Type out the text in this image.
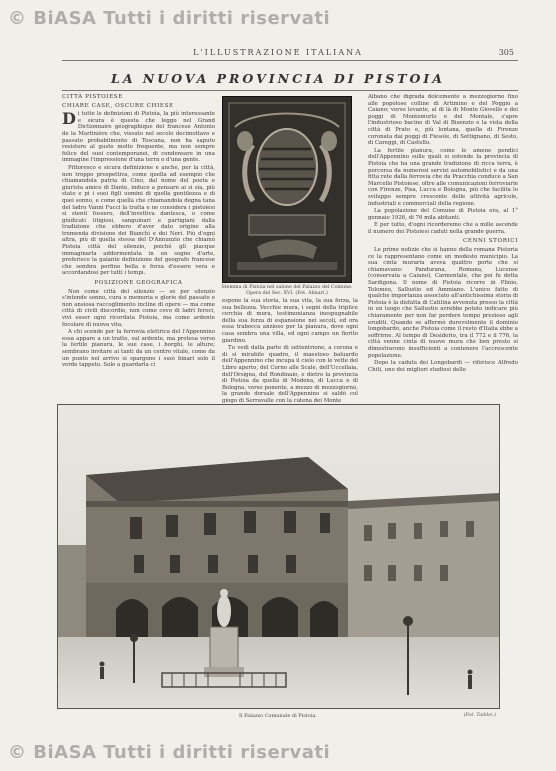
© BiASA Tutti i diritti riservati
L'ILLUSTRAZIONE ITALIANA	305
LA NUOVA PROVINCIA DI PISTOIA
CITTÀ PISTOIESE
CHIARE CASE, OSCURE CHIESE

Di tutte le definizioni di Pistoia, la più interessante e sicura è questa che leggo nel Grand Dictionnaire géographique del francese Antonio de la Martinière che, vissuto nel secolo decimottavo e passato probabilmente di Toscana, non ha saputo resistere al gusto molto frequente, ma non sempre felice del suoi contemporanei, di condensare in una immagine l'impressione d'una terra o d'una gente.

Pittoresco e sicura definizione e anche, per la città, non troppo prospettiva, come quella ad esempio che chiamandola patria di Cino, dal nome del poeta e giurista amico di Dante, induce a pensare ai si sia, più stato e pi i suoi figli uomini di quella gentilezza e di quei sonno, e come quella che chiamandola degna tana del ladro Vanni Fucci la tratta e ne considera i pistoiesi sì stenti fossero, dell'invettiva dantesca, o come giudicati litigiosi, sanguinari e partigiani dalla tradizione che ebbero d'aver dato origine alla tremenda divisione dei Bianchi e dei Neri. Più d'ogni altra, più di quella stessa del D'Annunzio che chiamò Pistoia città del silenzio, poiché gli piacque immaginarla addormentata in un sogno d'arte, preferisco la galante definizione del geografo francese che sembra perfino bella e forza d'essere vera e accordandosi per tutti i tempi.

POSIZIONE GEOGRAFICA

Non come città del silenzio — se per silenzio s'intende sonno, cura e memoria e glorie del passato e non ansiosa raccoglimento incline di opere — ma come città di civili discordie, non come covo di ladri feroci, vivi esser ogni ricordata Pistoia, ma come ardente focolare di nuova vita.

A chi scende per la ferrovia elettrica del l'Appennino essa appare a un tratto, sul ardente, ma protesa verso la fertile pianura, le sue case, i borghi, le alture; sembrano invitare ai tanti da un centro vitale, come da un punto nel arrivo si spargono i suoi binari solo il verde tappeto. Solo a guardarla ci

Stemma di Pistoia nel salone del Palazzo del Comune. Opera del Sec. XVI. (Fot. Alinari.)

espone la sua storia, la sua vita, la sua forza, la sua bellezza. Vecchie mura, i segni della triplice cerchia di mura, testimonianza inespugnabile della sua forza di espansione nei secoli, ed ora essa trabocca anzioso per la pianura, dove ogni casa sembra una villa, ed ogni campo un fiorito giardino.

Tu vedi dalla parte di settentrione, a corona e di si mirabile quadro, il maestoso baluardo dell'Appennino che incupa il cielo con le vette del Libro aperto, del Corno alle Scale, dell'Uccellaia, dell'Orsigna, del Rondinaio, e dietro la provincia di Pistoia da quella di Modena, di Lucca e di Bologna, verso ponente, a mezzo di mezzogiorno, la grande dorsale dell'Appennino si saldò col giogo di Serravalle con la catena dei Monte

Albano che digrada dolcemente a mezzogiorno fino alle popolose colline di Artimino e del Poggio a Caiano; verso levante, al di là di Monte Giovello e dei poggi di Montemurlo e del Montale, s'apre l'industrioso bacino di Val di Bisenzio e la vista della città di Prato e, più lontana, quella di Firenze coronata dai poggi di Fiesole, di Settignano, di Sesto, di Careggi, di Castello.

La fertile pianura, come le amene pendici dell'Appennino sulle quali si estende la provincia di Pistoia che ha una grande tradizione di ricca terra, è percorsa da numerosi servizi automobilistici e da una fitta rete dalla ferrovia che da Pracchia conduce a San Marcello Pistoiese, oltre alle comunicazioni ferroviarie con Firenze, Pisa, Lucca e Bologna, più che facilita lo sviluppo sempre crescente delle attività agricole, industriali e commerciali della regione.

La popolazione del Comune di Pistoia era, al 1° gennaio 1926, di 76 mila abitanti.

E per tutto, d'ogni ricorderemo che a mille ascende il numero dei Pistoiesi caduti nella grande guerra.

CENNI STORICI

Le prime notizie che si hanno della romana Pistoria ce la rappresentano come un modesto municipio. La sua cinta muraria aveva quattro porte che si chiamavano: Pandurana, Romana, Lucense (conservata a Caiano), Carmentale, che poi fu detta Sardigona. Il nome di Pistoia ricorre in Plinio, Tolomeo, Sallustio ed Ammiano. L'unico fatto di qualche importanza associato all'antichissima storia di Pistoia è la disfatta di Catilina avvenuta presso la città in un luogo che Sallustio avrebbe potuto indicare più chiaramente per non far perdere tempo prezioso agli eruditi. Quando se affermò durevolmente il dominio longobardo, anche Pistoia come il resto d'Italia ebbe a soffrirne. Al tempo di Desiderio, tra il 772 e il 776, la città venne cinta di nuove mura che ben presto si dimostrarono insufficienti a contenere l'accrescente popolazione.

Dopo la caduta dei Longobardi — riferisce Alfredo Chiti, uno dei migliori studiosi delle

Il Palazzo Comunale di Pistoia.	(Fot. Taddei.)
© BiASA Tutti i diritti riservati
